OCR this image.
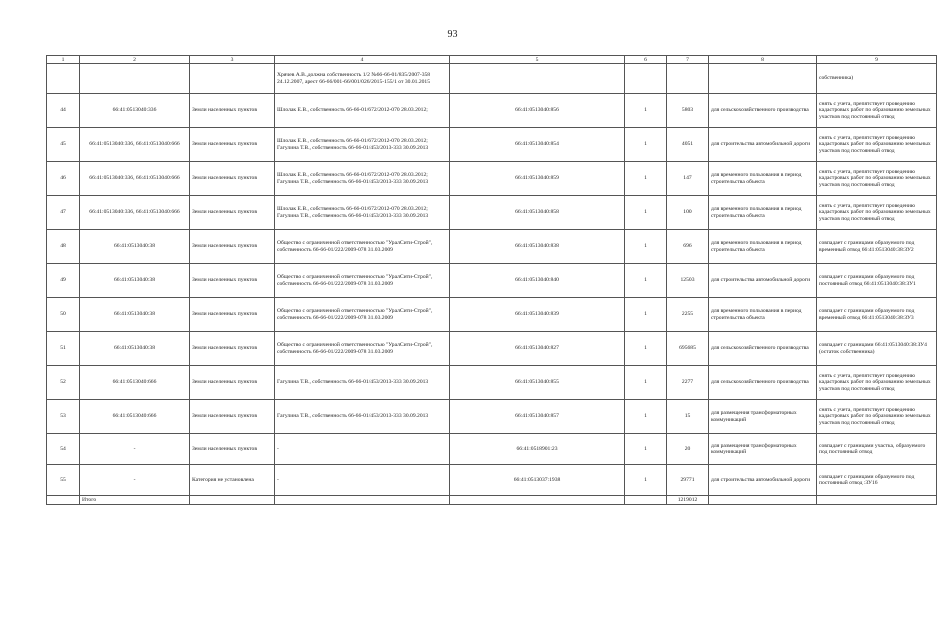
93
1	2	3	4	5	6	7	8	9
			Хрячев А.В.,должна собственность 1/2 №66-66-01/835/2007-358 24.12.2007, арест 66-66/001-66/001/026/2015-155/1 от 30.01.2015					собственника)
44	66:41:0513040:336	Земли населенных пунктов	Шлолак Е.В., собственность 66-66-01/672/2012-070 28.03.2012;	66:41:0513040:856	1	5803	для сельскохозяйственного производства	снять с учета, препятствует проведению кадастровых работ по образованию земельных участков под постоянный отвод
45	66:41:0513040:336, 66:41:0513040:666	Земли населенных пунктов	Шлолак Е.В., собственность 66-66-01/672/2012-070 28.03.2012; Гагулина Т.В., собственность 66-66-01/453/2013-333 30.09.2013	66:41:0513040:854	1	4051	для строительства автомобильной дороги	снять с учета, препятствует проведению кадастровых работ по образованию земельных участков под постоянный отвод
46	66:41:0513040:336, 66:41:0513040:666	Земли населенных пунктов	Шлолак Е.В., собственность 66-66-01/672/2012-070 28.03.2012; Гагулина Т.В., собственность 66-66-01/453/2013-333 30.09.2013	66:41:0513040:859	1	147	для временного пользования в период строительства объекта	снять с учета, препятствует проведению кадастровых работ по образованию земельных участков под постоянный отвод
47	66:41:0513040:336, 66:41:0513040:666	Земли населенных пунктов	Шлолак Е.В., собственность 66-66-01/672/2012-070 28.03.2012; Гагулина Т.В., собственность 66-66-01/453/2013-333 30.09.2013	66:41:0513040:858	1	100	для временного пользования в период строительства объекта	снять с учета, препятствует проведению кадастровых работ по образованию земельных участков под постоянный отвод
48	66:41:0513040:38	Земли населенных пунктов	Общество с ограниченной ответственностью "УралСити-Строй", собственность 66-66-01/222/2009-078 31.03.2009	66:41:0513040:838	1	696	для временного пользования в период строительства объекта	совпадает с границами образуемого под временный отвод 66:41:0513040:38:ЗУ2
49	66:41:0513040:38	Земли населенных пунктов	Общество с ограниченной ответственностью "УралСити-Строй", собственность 66-66-01/222/2009-078 31.03.2009	66:41:0513040:840	1	12503	для строительства автомобильной дороги	совпадает с границами образуемого под постоянный отвод 66:41:0513040:38:ЗУ1
50	66:41:0513040:38	Земли населенных пунктов	Общество с ограниченной ответственностью "УралСити-Строй", собственность 66-66-01/222/2009-078 31.03.2009	66:41:0513040:839	1	2255	для временного пользования в период строительства объекта	совпадает с границами образуемого под временный отвод 66:41:0513040:38:ЗУ3
51	66:41:0513040:38	Земли населенных пунктов	Общество с ограниченной ответственностью "УралСити-Строй", собственность 66-66-01/222/2009-078 31.03.2009	66:41:0513040:827	1	695685	для сельскохозяйственного производства	совпадает с границами 66:41:0513040:38:ЗУ4 (остаток собственника)
52	66:41:0513040:666	Земли населенных пунктов	Гагулина Т.В., собственность 66-66-01/453/2013-333 30.09.2013	66:41:0513040:855	1	2277	для сельскохозяйственного производства	снять с учета, препятствует проведению кадастровых работ по образованию земельных участков под постоянный отвод
53	66:41:0513040:666	Земли населенных пунктов	Гагулина Т.В., собственность 66-66-01/453/2013-333 30.09.2013	66:41:0513040:857	1	15	для размещения трансформаторных коммуникаций	снять с учета, препятствует проведению кадастровых работ по образованию земельных участков под постоянный отвод
54	-	Земли населенных пунктов	-	66:41:0518901:23	1	20	для размещения трансформаторных коммуникаций	совпадает с границами участка, образуемого под постоянный отвод
55	-	Категория не установлена	-	66:41:0513037:1938	1	29771	для строительства автомобильной дороги	совпадает с границами образуемого под постоянный отвод :ЗУ16
	Итого					1219012		
